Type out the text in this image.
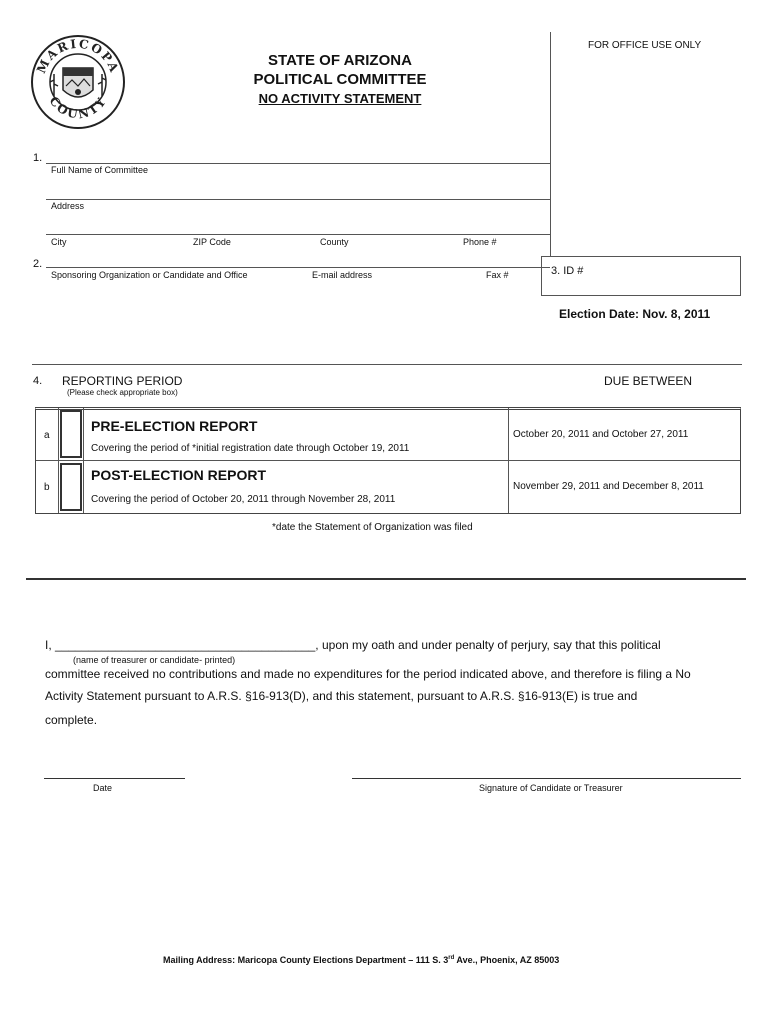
MARICOPA
COUNTY
STATE OF ARIZONA
POLITICAL COMMITTEE
NO ACTIVITY STATEMENT
FOR OFFICE USE ONLY
1.
Full Name of Committee
Address
City	ZIP Code	County	Phone #
2.
Sponsoring Organization or Candidate and Office	E-mail address	Fax #	3. ID #
Election Date: Nov. 8, 2011
4. REPORTING PERIOD
(Please check appropriate box)
DUE BETWEEN
a
PRE-ELECTION REPORT
Covering the period of *initial registration date through October 19, 2011
October 20, 2011 and October 27, 2011
b
POST-ELECTION REPORT
Covering the period of October 20, 2011 through November 28, 2011
November 29, 2011 and December 8, 2011
*date the Statement of Organization was filed
I, _______________________________________, upon my oath and under penalty of perjury, say that this political
(name of treasurer or candidate- printed)
committee received no contributions and made no expenditures for the period indicated above, and therefore is filing a No
Activity Statement pursuant to A.R.S. §16-913(D), and this statement, pursuant to A.R.S. §16-913(E) is true and
complete.
Date	Signature of Candidate or Treasurer
Mailing Address: Maricopa County Elections Department – 111 S. 3rd Ave., Phoenix, AZ 85003
